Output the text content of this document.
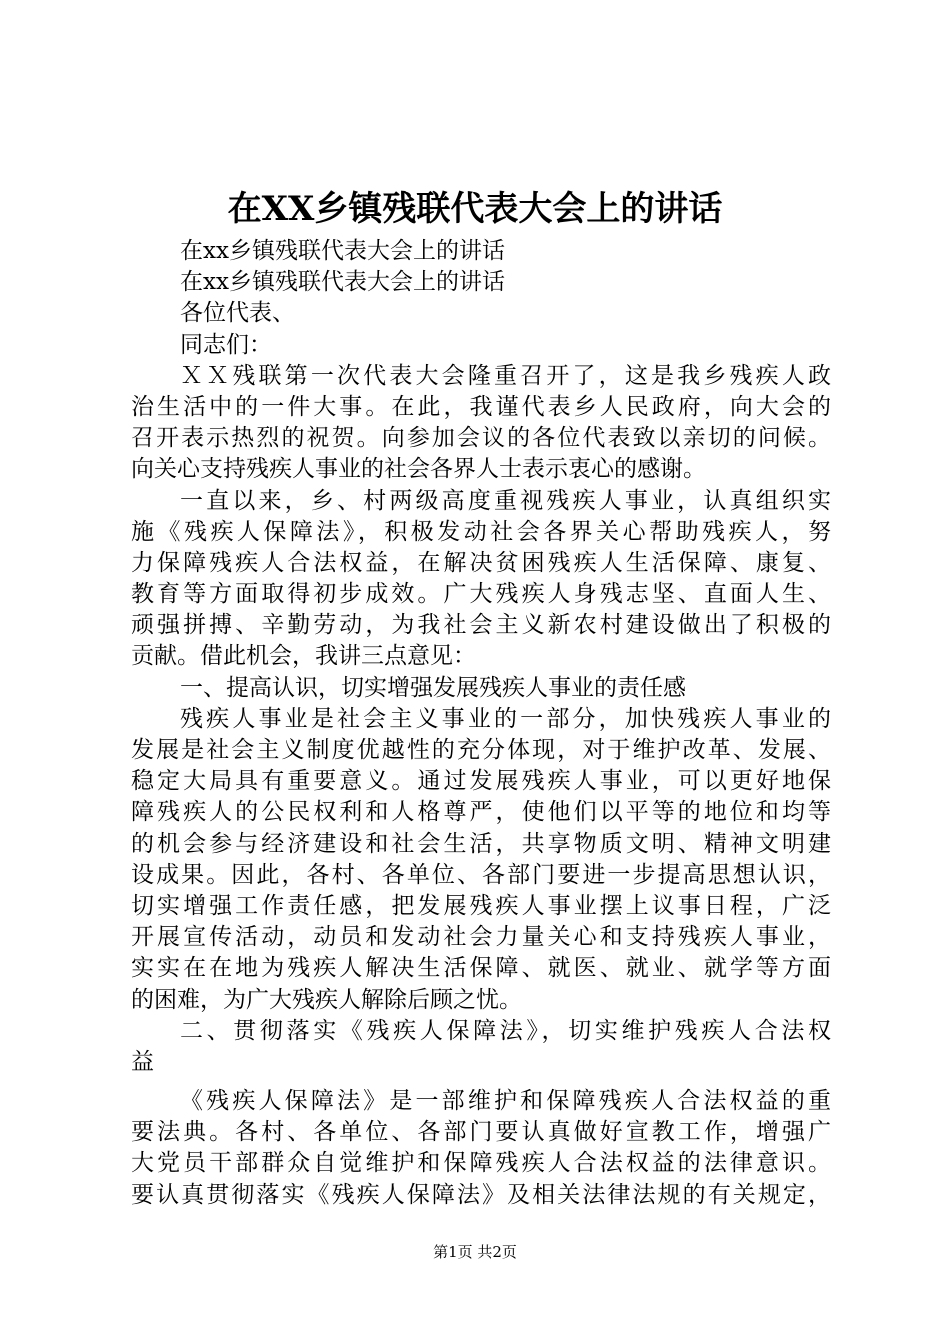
在XX乡镇残联代表大会上的讲话
在xx乡镇残联代表大会上的讲话
在xx乡镇残联代表大会上的讲话
各位代表、
同志们：
ＸＸ残联第一次代表大会隆重召开了，这是我乡残疾人政
治生活中的一件大事。在此，我谨代表乡人民政府，向大会的
召开表示热烈的祝贺。向参加会议的各位代表致以亲切的问候。
向关心支持残疾人事业的社会各界人士表示衷心的感谢。
一直以来，乡、村两级高度重视残疾人事业，认真组织实
施《残疾人保障法》，积极发动社会各界关心帮助残疾人，努
力保障残疾人合法权益，在解决贫困残疾人生活保障、康复、
教育等方面取得初步成效。广大残疾人身残志坚、直面人生、
顽强拼搏、辛勤劳动，为我社会主义新农村建设做出了积极的
贡献。借此机会，我讲三点意见：
一、提高认识，切实增强发展残疾人事业的责任感
残疾人事业是社会主义事业的一部分，加快残疾人事业的
发展是社会主义制度优越性的充分体现，对于维护改革、发展、
稳定大局具有重要意义。通过发展残疾人事业，可以更好地保
障残疾人的公民权利和人格尊严，使他们以平等的地位和均等
的机会参与经济建设和社会生活，共享物质文明、精神文明建
设成果。因此，各村、各单位、各部门要进一步提高思想认识，
切实增强工作责任感，把发展残疾人事业摆上议事日程，广泛
开展宣传活动，动员和发动社会力量关心和支持残疾人事业，
实实在在地为残疾人解决生活保障、就医、就业、就学等方面
的困难，为广大残疾人解除后顾之忧。
二、贯彻落实《残疾人保障法》，切实维护残疾人合法权
益
《残疾人保障法》是一部维护和保障残疾人合法权益的重
要法典。各村、各单位、各部门要认真做好宣教工作，增强广
大党员干部群众自觉维护和保障残疾人合法权益的法律意识。
要认真贯彻落实《残疾人保障法》及相关法律法规的有关规定，
第1页 共2页
